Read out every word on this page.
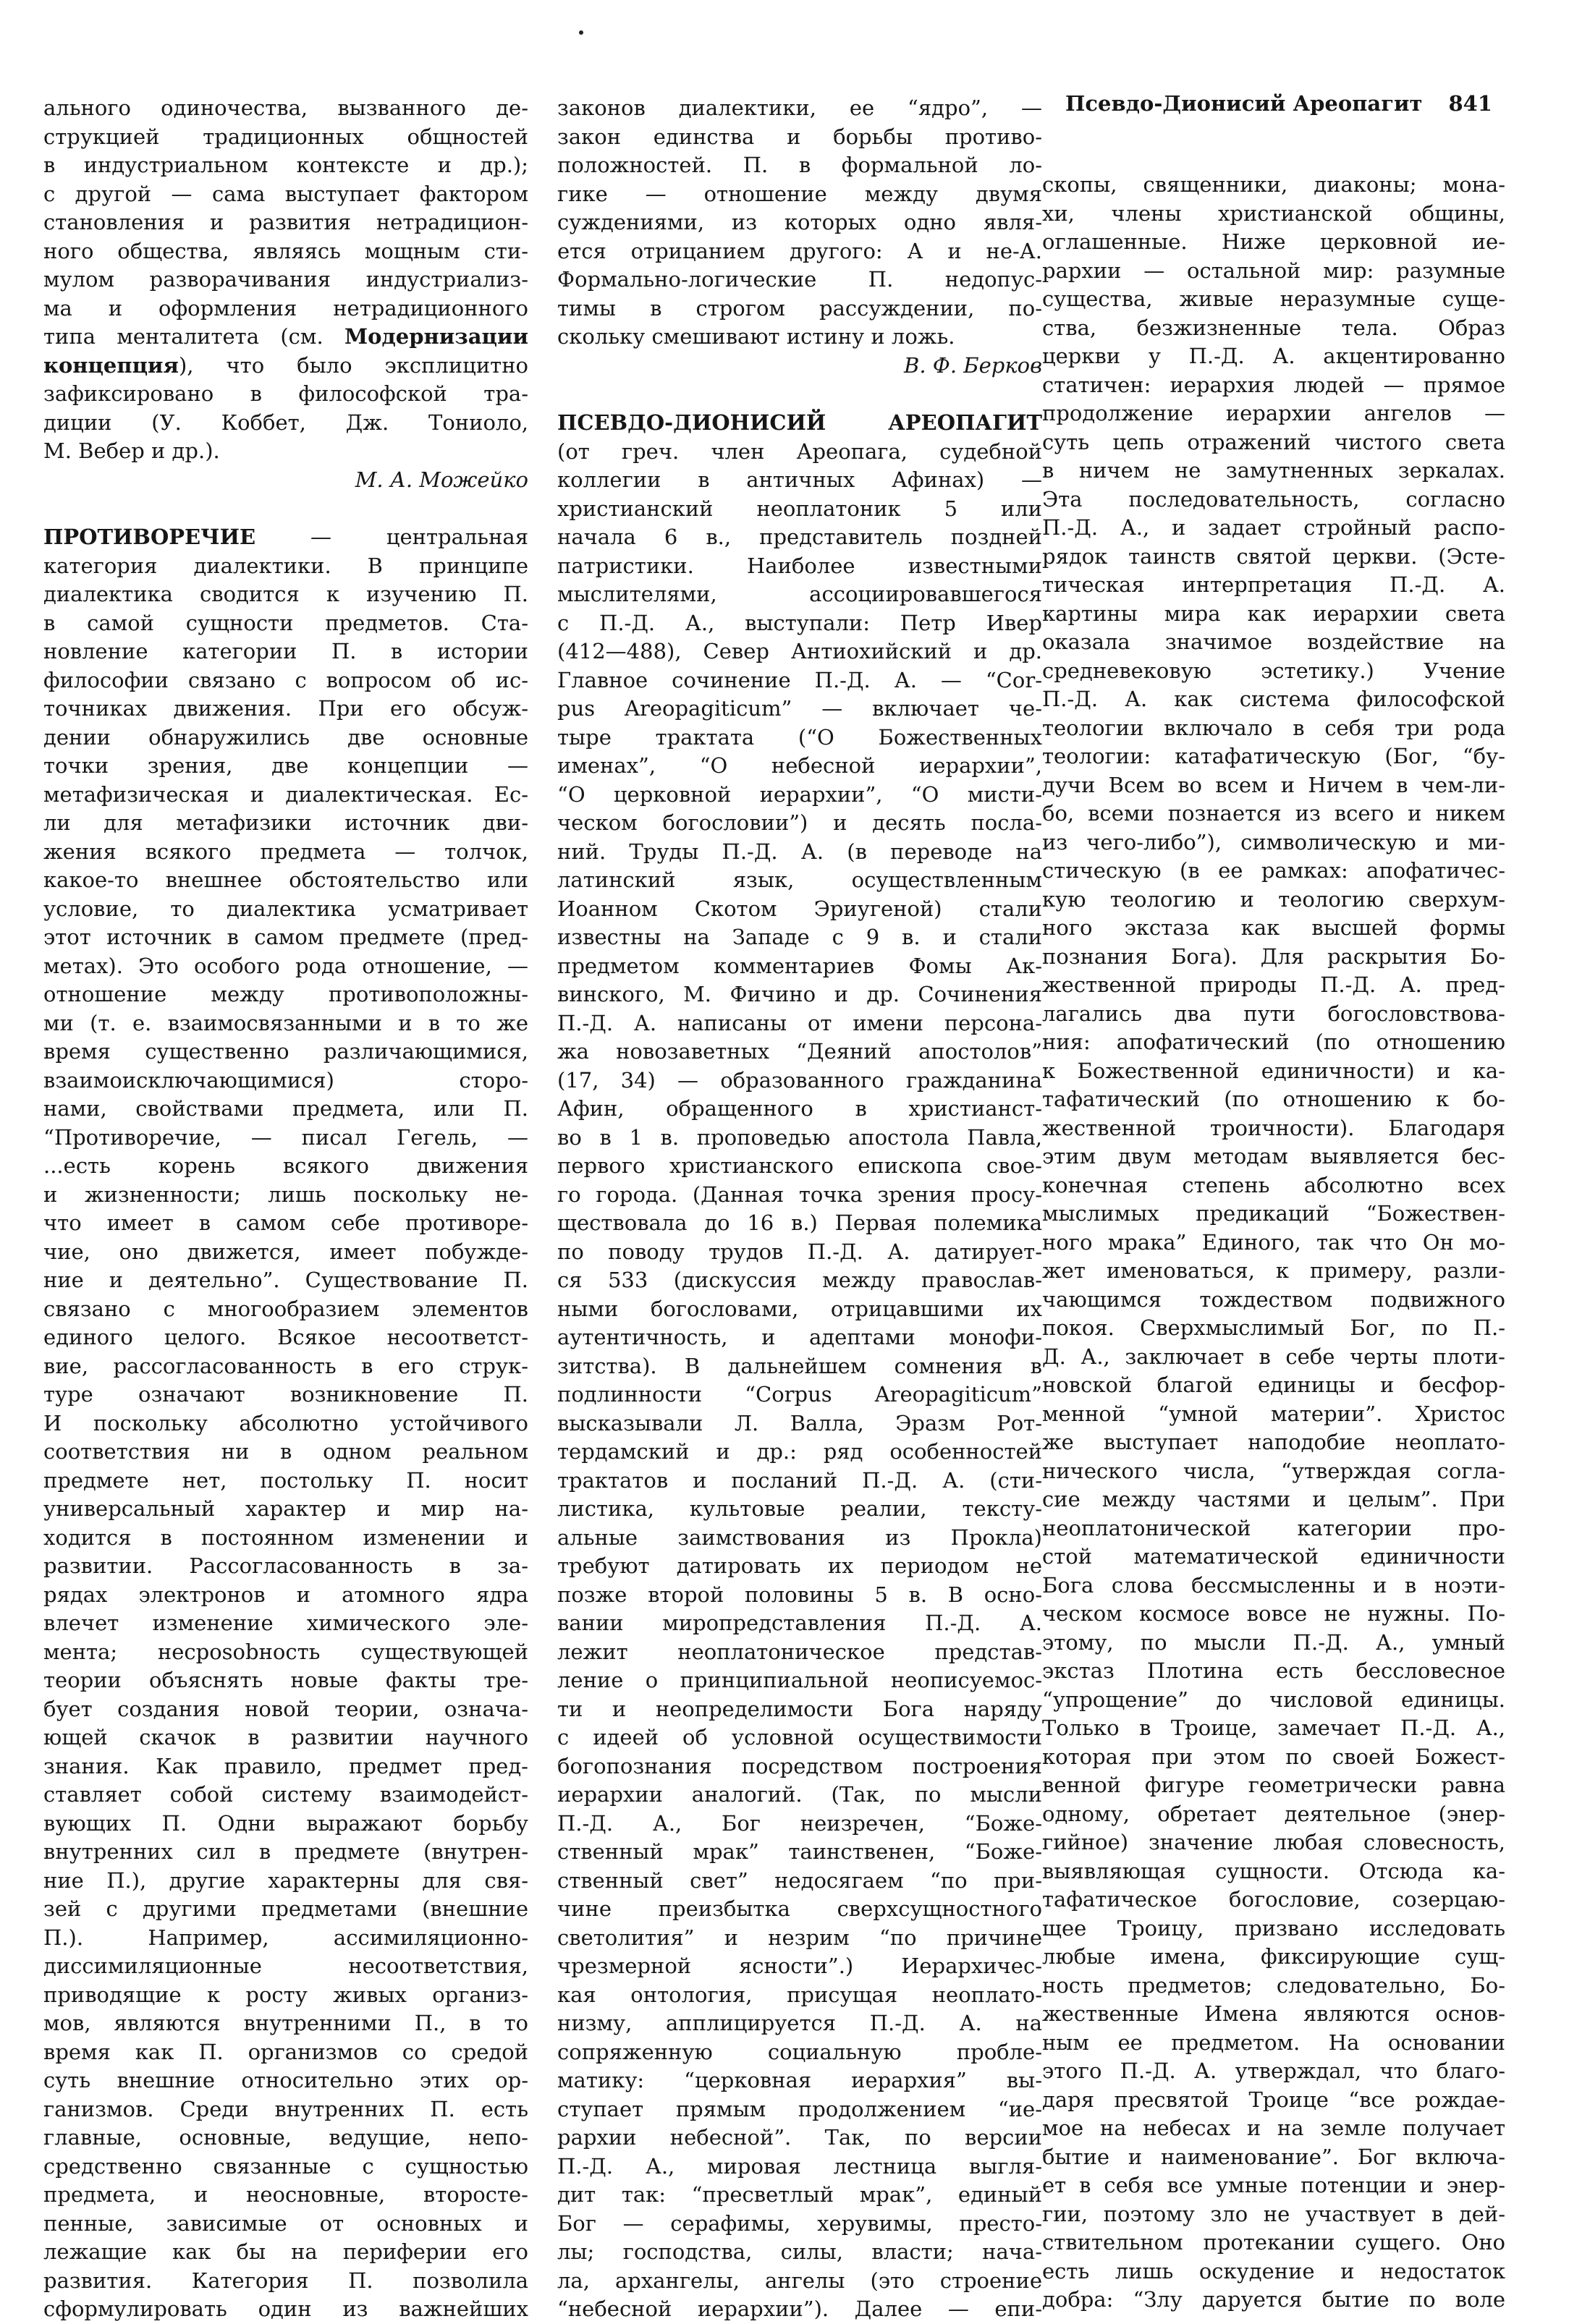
Псевдо-Дионисий Ареопагит 841
ального одиночества, вызванного де-
струкцией традиционных общностей
в индустриальном контексте и др.);
с другой — сама выступает фактором
становления и развития нетрадицион-
ного общества, являясь мощным сти-
мулом разворачивания индустриализ-
ма и оформления нетрадиционного
типа менталитета (см. Модернизации
концепция), что было эксплицитно
зафиксировано в философской тра-
диции (У. Коббет, Дж. Тониоло,
М. Вебер и др.).
М. А. Можейко
ПРОТИВОРЕЧИЕ — центральная
категория диалектики. В принципе
диалектика сводится к изучению П.
в самой сущности предметов. Ста-
новление категории П. в истории
философии связано с вопросом об ис-
точниках движения. При его обсуж-
дении обнаружились две основные
точки зрения, две концепции —
метафизическая и диалектическая. Ес-
ли для метафизики источник дви-
жения всякого предмета — толчок,
какое-то внешнее обстоятельство или
условие, то диалектика усматривает
этот источник в самом предмете (пред-
метах). Это особого рода отношение, —
отношение между противоположны-
ми (т. е. взаимосвязанными и в то же
время существенно различающимися,
взаимоисключающимися) сторо-
нами, свойствами предмета, или П.
“Противоречие, — писал Гегель, —
...есть корень всякого движения
и жизненности; лишь поскольку не-
что имеет в самом себе противоре-
чие, оно движется, имеет побужде-
ние и деятельно”. Существование П.
связано с многообразием элементов
единого целого. Всякое несоответст-
вие, рассогласованность в его струк-
туре означают возникновение П.
И поскольку абсолютно устойчивого
соответствия ни в одном реальном
предмете нет, постольку П. носит
универсальный характер и мир на-
ходится в постоянном изменении и
развитии. Рассогласованность в за-
рядах электронов и атомного ядра
влечет изменение химического эле-
мента; несposobность существующей
теории объяснять новые факты тре-
бует создания новой теории, означа-
ющей скачок в развитии научного
знания. Как правило, предмет пред-
ставляет собой систему взаимодейст-
вующих П. Одни выражают борьбу
внутренних сил в предмете (внутрен-
ние П.), другие характерны для свя-
зей с другими предметами (внешние
П.). Например, ассимиляционно-
диссимиляционные несоответствия,
приводящие к росту живых организ-
мов, являются внутренними П., в то
время как П. организмов со средой
суть внешние относительно этих ор-
ганизмов. Среди внутренних П. есть
главные, основные, ведущие, непо-
средственно связанные с сущностью
предмета, и неосновные, второсте-
пенные, зависимые от основных и
лежащие как бы на периферии его
развития. Категория П. позволила
сформулировать один из важнейших
законов диалектики, ее “ядро”, —
закон единства и борьбы противо-
положностей. П. в формальной ло-
гике — отношение между двумя
суждениями, из которых одно явля-
ется отрицанием другого: А и не-А.
Формально-логические П. недопус-
тимы в строгом рассуждении, по-
скольку смешивают истину и ложь.
В. Ф. Берков
ПСЕВДО-ДИОНИСИЙ АРЕОПАГИТ
(от греч. член Ареопага, судебной
коллегии в античных Афинах) —
христианский неоплатоник 5 или
начала 6 в., представитель поздней
патристики. Наиболее известными
мыслителями, ассоциировавшегося
с П.-Д. А., выступали: Петр Ивер
(412—488), Север Антиохийский и др.
Главное сочинение П.-Д. А. — “Cor-
pus Areopagiticum” — включает че-
тыре трактата (“О Божественных
именах”, “О небесной иерархии”,
“О церковной иерархии”, “О мисти-
ческом богословии”) и десять посла-
ний. Труды П.-Д. А. (в переводе на
латинский язык, осуществленным
Иоанном Скотом Эриугеной) стали
известны на Западе с 9 в. и стали
предметом комментариев Фомы Ак-
винского, М. Фичино и др. Сочинения
П.-Д. А. написаны от имени персона-
жа новозаветных “Деяний апостолов”
(17, 34) — образованного гражданина
Афин, обращенного в христианст-
во в 1 в. проповедью апостола Павла,
первого христианского епископа свое-
го города. (Данная точка зрения просу-
ществовала до 16 в.) Первая полемика
по поводу трудов П.-Д. А. датирует-
ся 533 (дискуссия между православ-
ными богословами, отрицавшими их
аутентичность, и адептами монофи-
зитства). В дальнейшем сомнения в
подлинности “Corpus Areopagiticum”
высказывали Л. Валла, Эразм Рот-
тердамский и др.: ряд особенностей
трактатов и посланий П.-Д. А. (сти-
листика, культовые реалии, тексту-
альные заимствования из Прокла)
требуют датировать их периодом не
позже второй половины 5 в. В осно-
вании миропредставления П.-Д. А.
лежит неоплатоническое представ-
ление о принципиальной неописуемос-
ти и неопределимости Бога наряду
с идеей об условной осуществимости
богопознания посредством построения
иерархии аналогий. (Так, по мысли
П.-Д. А., Бог неизречен, “Боже-
ственный мрак” таинственен, “Боже-
ственный свет” недосягаем “по при-
чине преизбытка сверхсущностного
светолития” и незрим “по причине
чрезмерной ясности”.) Иерархичес-
кая онтология, присущая неоплато-
низму, апплицируется П.-Д. А. на
сопряженную социальную пробле-
матику: “церковная иерархия” вы-
ступает прямым продолжением “ие-
рархии небесной”. Так, по версии
П.-Д. А., мировая лестница выгля-
дит так: “пресветлый мрак”, единый
Бог — серафимы, херувимы, престо-
лы; господства, силы, власти; нача-
ла, архангелы, ангелы (это строение
“небесной иерархии”). Далее — епи-
скопы, священники, диаконы; мона-
хи, члены христианской общины,
оглашенные. Ниже церковной ие-
рархии — остальной мир: разумные
существа, живые неразумные суще-
ства, безжизненные тела. Образ
церкви у П.-Д. А. акцентированно
статичен: иерархия людей — прямое
продолжение иерархии ангелов —
суть цепь отражений чистого света
в ничем не замутненных зеркалах.
Эта последовательность, согласно
П.-Д. А., и задает стройный распо-
рядок таинств святой церкви. (Эсте-
тическая интерпретация П.-Д. А.
картины мира как иерархии света
оказала значимое воздействие на
средневековую эстетику.) Учение
П.-Д. А. как система философской
теологии включало в себя три рода
теологии: катафатическую (Бог, “бу-
дучи Всем во всем и Ничем в чем-ли-
бо, всеми познается из всего и никем
из чего-либо”), символическую и ми-
стическую (в ее рамках: апофатичес-
кую теологию и теологию сверхум-
ного экстаза как высшей формы
познания Бога). Для раскрытия Бо-
жественной природы П.-Д. А. пред-
лагались два пути богословствова-
ния: апофатический (по отношению
к Божественной единичности) и ка-
тафатический (по отношению к бо-
жественной троичности). Благодаря
этим двум методам выявляется бес-
конечная степень абсолютно всех
мыслимых предикаций “Божествен-
ного мрака” Единого, так что Он мо-
жет именоваться, к примеру, разли-
чающимся тождеством подвижного
покоя. Сверхмыслимый Бог, по П.-
Д. А., заключает в себе черты плоти-
новской благой единицы и бесфор-
менной “умной материи”. Христос
же выступает наподобие неоплато-
нического числа, “утверждая согла-
сие между частями и целым”. При
неоплатонической категории про-
стой математической единичности
Бога слова бессмысленны и в ноэти-
ческом космосе вовсе не нужны. По-
этому, по мысли П.-Д. А., умный
экстаз Плотина есть бессловесное
“упрощение” до числовой единицы.
Только в Троице, замечает П.-Д. А.,
которая при этом по своей Божест-
венной фигуре геометрически равна
одному, обретает деятельное (энер-
гийное) значение любая словесность,
выявляющая сущности. Отсюда ка-
тафатическое богословие, созерцаю-
щее Троицу, призвано исследовать
любые имена, фиксирующие сущ-
ность предметов; следовательно, Бо-
жественные Имена являются основ-
ным ее предметом. На основании
этого П.-Д. А. утверждал, что благо-
даря пресвятой Троице “все рождае-
мое на небесах и на земле получает
бытие и наименование”. Бог включа-
ет в себя все умные потенции и энер-
гии, поэтому зло не участвует в дей-
ствительном протекании сущего. Оно
есть лишь оскудение и недостаток
добра: “Злу даруется бытие по воле
